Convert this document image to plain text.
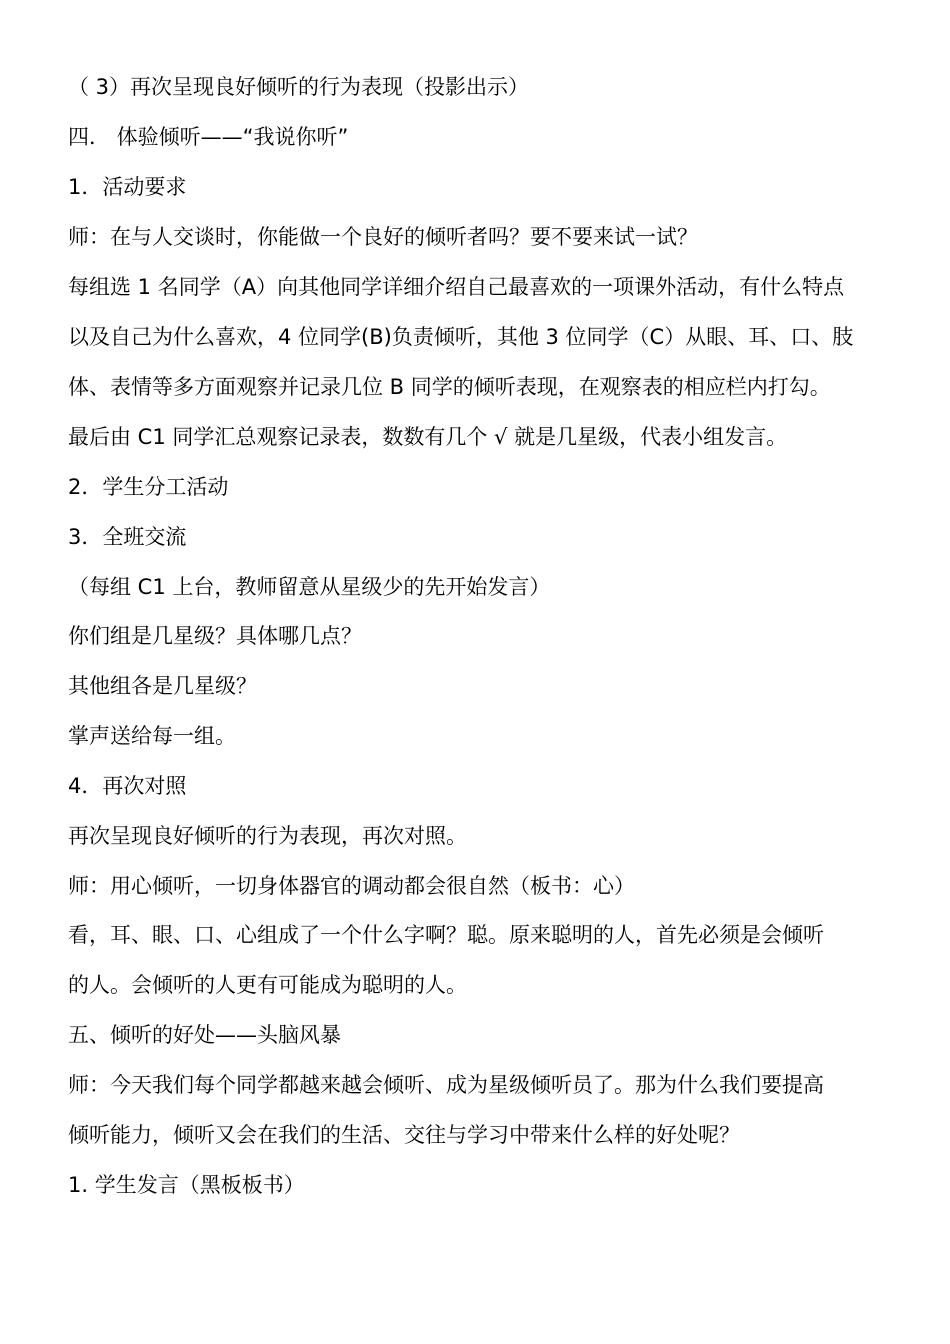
（ 3）再次呈现良好倾听的行为表现（投影出示）
四． 体验倾听——“我说你听”
1．活动要求
师：在与人交谈时，你能做一个良好的倾听者吗？要不要来试一试？
每组选 1 名同学（A）向其他同学详细介绍自己最喜欢的一项课外活动，有什么特点
以及自己为什么喜欢，4 位同学(B)负责倾听，其他 3 位同学（C）从眼、耳、口、肢
体、表情等多方面观察并记录几位 B 同学的倾听表现，在观察表的相应栏内打勾。
最后由 C1 同学汇总观察记录表，数数有几个 √ 就是几星级，代表小组发言。
2．学生分工活动
3．全班交流
（每组 C1 上台，教师留意从星级少的先开始发言）
你们组是几星级？具体哪几点？
其他组各是几星级？
掌声送给每一组。
4．再次对照
再次呈现良好倾听的行为表现，再次对照。
师：用心倾听，一切身体器官的调动都会很自然（板书：心）
看，耳、眼、口、心组成了一个什么字啊？聪。原来聪明的人，首先必须是会倾听
的人。会倾听的人更有可能成为聪明的人。
五、倾听的好处——头脑风暴
师：今天我们每个同学都越来越会倾听、成为星级倾听员了。那为什么我们要提高
倾听能力，倾听又会在我们的生活、交往与学习中带来什么样的好处呢？
1. 学生发言（黑板板书）
